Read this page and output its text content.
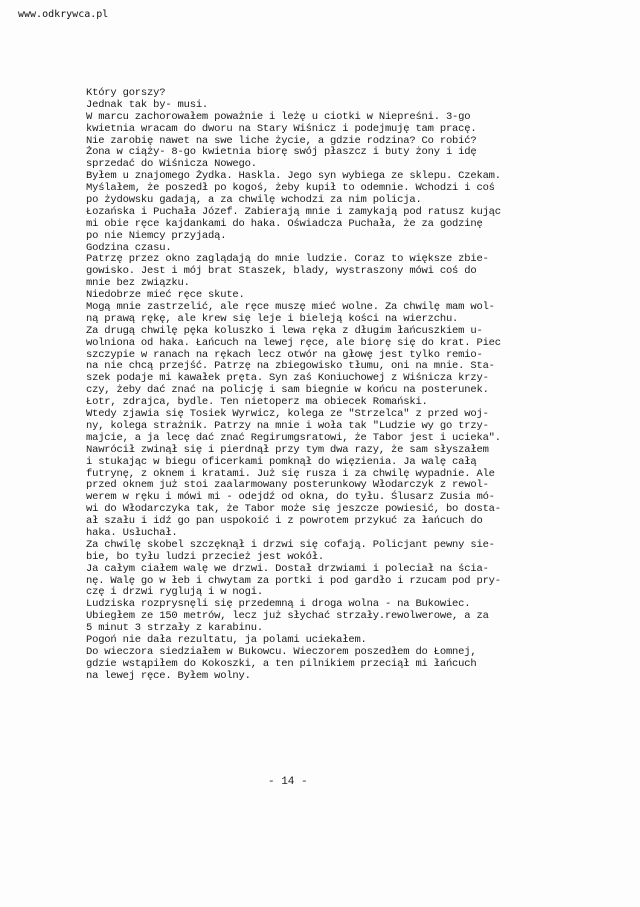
www.odkrywca.pl
Który gorszy?
Jednak tak by- musi.
W marcu zachorowałem poważnie i leżę u ciotki w Niepreśni. 3-go
kwietnia wracam do dworu na Stary Wiśnicz i podejmuję tam pracę.
Nie zarobię nawet na swe liche życie, a gdzie rodzina? Co robić?
Żona w ciąży- 8-go kwietnia biorę swój płaszcz i buty żony i idę
sprzedać do Wiśnicza Nowego.
Byłem u znajomego Żydka. Haskla. Jego syn wybiega ze sklepu. Czekam.
Myślałem, że poszedł po kogoś, żeby kupił to odemnie. Wchodzi i coś
po żydowsku gadają, a za chwilę wchodzi za nim policja.
Łozańska i Puchała Józef. Zabierają mnie i zamykają pod ratusz kując
mi obie ręce kajdankami do haka. Oświadcza Puchała, że za godzinę
po nie Niemcy przyjadą.
Godzina czasu.
Patrzę przez okno zaglądają do mnie ludzie. Coraz to większe zbie-
gowisko. Jest i mój brat Staszek, blady, wystraszony mówi coś do
mnie bez związku.
Niedobrze mieć ręce skute.
Mogą mnie zastrzelić, ale ręce muszę mieć wolne. Za chwilę mam wol-
ną prawą rękę, ale krew się leje i bieleją kości na wierzchu.
Za drugą chwilę pęka koluszko i lewa ręka z długim łańcuszkiem u-
wolniona od haka. Łańcuch na lewej ręce, ale biorę się do krat. Piec
szczypie w ranach na rękach lecz otwór na głowę jest tylko remio-
na nie chcą przejść. Patrzę na zbiegowisko tłumu, oni na mnie. Sta-
szek podaje mi kawałek pręta. Syn zaś Koniuchowej z Wiśnicza krzy-
czy, żeby dać znać na policję i sam biegnie w końcu na posterunek.
Łotr, zdrajca, bydle. Ten nietoperz ma obiecek Romański.
Wtedy zjawia się Tosiek Wyrwicz, kolega ze "Strzelca" z przed woj-
ny, kolega strażnik. Patrzy na mnie i woła tak "Ludzie wy go trzy-
majcie, a ja lecę dać znać Regirumgsratowi, że Tabor jest i ucieka".
Nawrócił zwinął się i pierdnął przy tym dwa razy, że sam słyszałem
i stukając w biegu oficerkami pomknął do więzienia. Ja walę całą
futrynę, z oknem i kratami. Już się rusza i za chwilę wypadnie. Ale
przed oknem już stoi zaalarmowany posterunkowy Włodarczyk z rewol-
werem w ręku i mówi mi - odejdź od okna, do tyłu. Ślusarz Zusia mó-
wi do Włodarczyka tak, że Tabor może się jeszcze powiesić, bo dosta-
ał szału i idź go pan uspokoić i z powrotem przykuć za łańcuch do
haka. Usłuchał.
Za chwilę skobel szczęknął i drzwi się cofają. Policjant pewny sie-
bie, bo tyłu ludzi przecież jest wokół.
Ja całym ciałem walę we drzwi. Dostał drzwiami i poleciał na ścia-
nę. Walę go w łeb i chwytam za portki i pod gardło i rzucam pod pry-
czę i drzwi ryglują i w nogi.
Ludziska rozprysnęli się przedemną i droga wolna - na Bukowiec.
Ubiegłem ze 150 metrów, lecz już słychać strzały.rewolwerowe, a za
5 minut 3 strzały z karabinu.
Pogoń nie dała rezultatu, ja polami uciekałem.
Do wieczora siedziałem w Bukowcu. Wieczorem poszedłem do Łomnej,
gdzie wstąpiłem do Kokoszki, a ten pilnikiem przeciął mi łańcuch
na lewej ręce. Byłem wolny.
- 14 -
